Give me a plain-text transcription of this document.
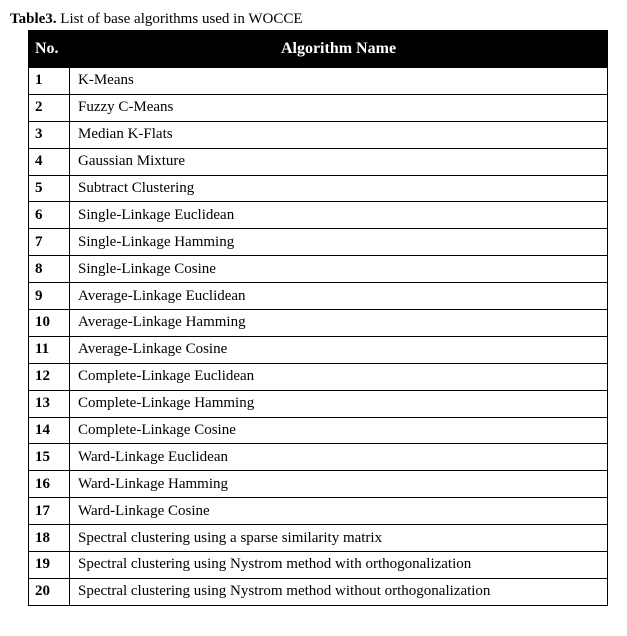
Table3. List of base algorithms used in WOCCE
No.	Algorithm Name
1	K-Means
2	Fuzzy C-Means
3	Median K-Flats
4	Gaussian Mixture
5	Subtract Clustering
6	Single-Linkage Euclidean
7	Single-Linkage Hamming
8	Single-Linkage Cosine
9	Average-Linkage Euclidean
10	Average-Linkage Hamming
11	Average-Linkage Cosine
12	Complete-Linkage Euclidean
13	Complete-Linkage Hamming
14	Complete-Linkage Cosine
15	Ward-Linkage Euclidean
16	Ward-Linkage Hamming
17	Ward-Linkage Cosine
18	Spectral clustering using a sparse similarity matrix
19	Spectral clustering using Nystrom method with orthogonalization
20	Spectral clustering using Nystrom method without orthogonalization
